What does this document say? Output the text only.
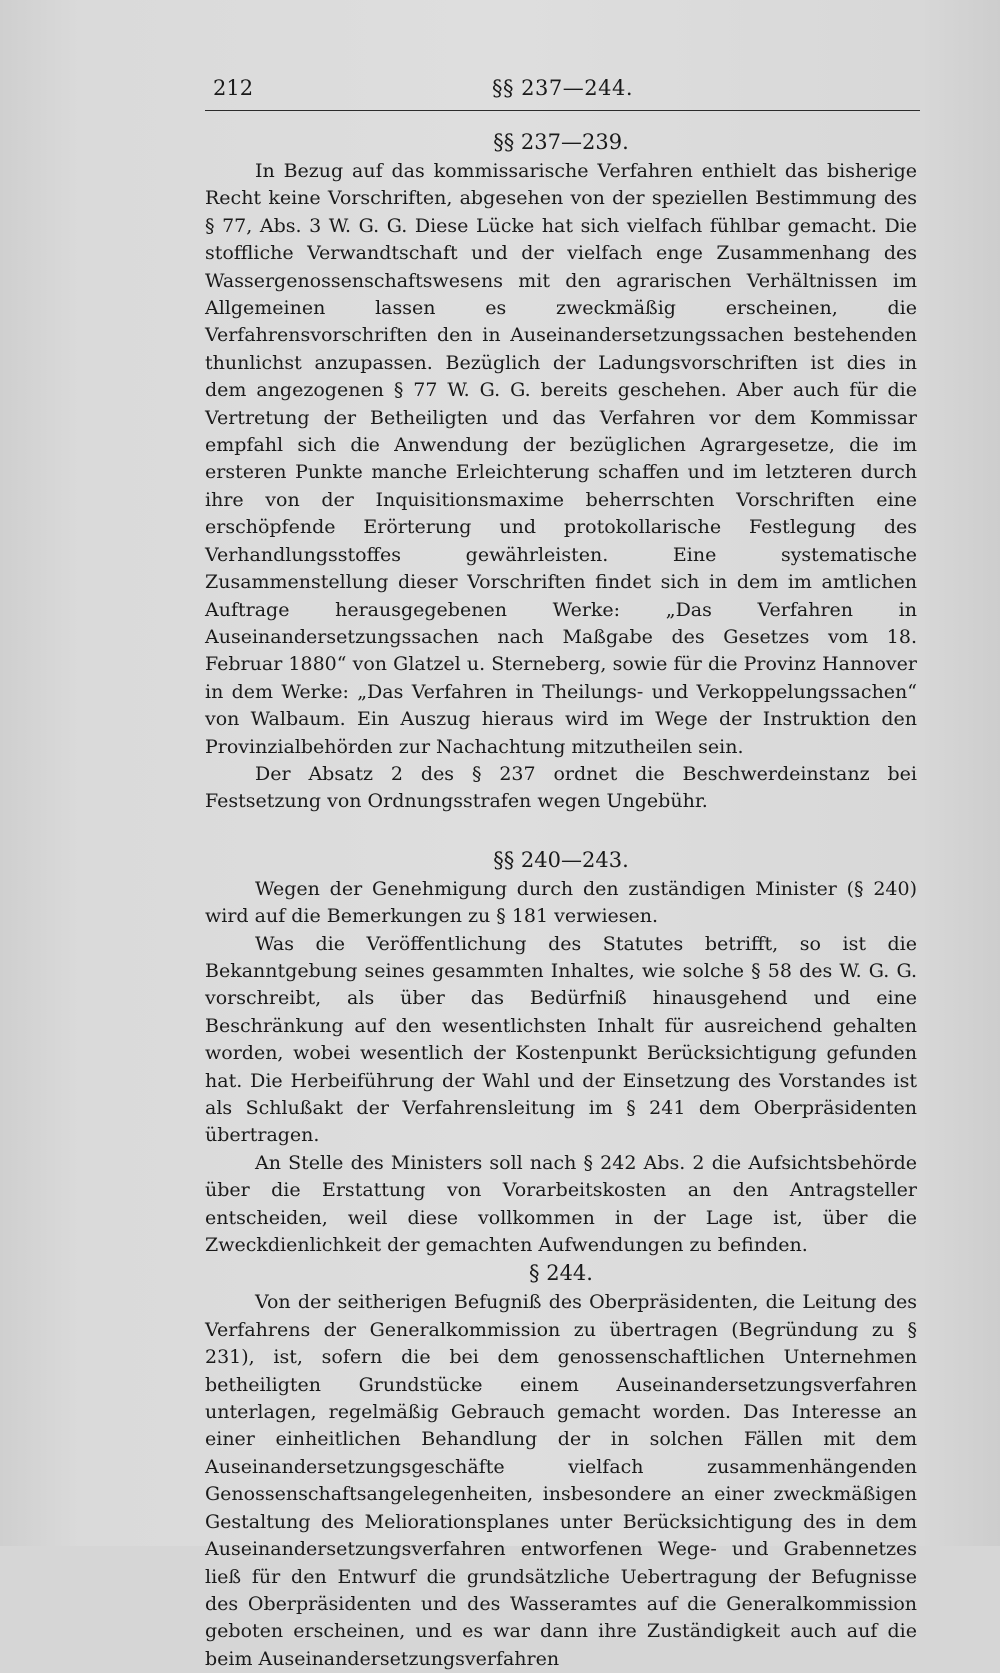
212	§§ 237—244.
§§ 237—239.

In Bezug auf das kommissarische Verfahren enthielt das bisherige Recht keine Vorschriften, abgesehen von der speziellen Bestimmung des § 77, Abs. 3 W. G. G. Diese Lücke hat sich vielfach fühlbar gemacht. Die stoffliche Verwandtschaft und der vielfach enge Zusammenhang des Wassergenossenschaftswesens mit den agrarischen Verhältnissen im Allgemeinen lassen es zweckmäßig erscheinen, die Verfahrensvorschriften den in Auseinandersetzungssachen bestehenden thunlichst anzupassen. Bezüglich der Ladungsvorschriften ist dies in dem angezogenen § 77 W. G. G. bereits geschehen. Aber auch für die Vertretung der Betheiligten und das Verfahren vor dem Kommissar empfahl sich die Anwendung der bezüglichen Agrargesetze, die im ersteren Punkte manche Erleichterung schaffen und im letzteren durch ihre von der Inquisitionsmaxime beherrschten Vorschriften eine erschöpfende Erörterung und protokollarische Festlegung des Verhandlungsstoffes gewährleisten. Eine systematische Zusammenstellung dieser Vorschriften findet sich in dem im amtlichen Auftrage herausgegebenen Werke: „Das Verfahren in Auseinandersetzungssachen nach Maßgabe des Gesetzes vom 18. Februar 1880“ von Glatzel u. Sterneberg, sowie für die Provinz Hannover in dem Werke: „Das Verfahren in Theilungs- und Verkoppelungssachen“ von Walbaum. Ein Auszug hieraus wird im Wege der Instruktion den Provinzialbehörden zur Nachachtung mitzutheilen sein.

Der Absatz 2 des § 237 ordnet die Beschwerdeinstanz bei Festsetzung von Ordnungsstrafen wegen Ungebühr.

§§ 240—243.

Wegen der Genehmigung durch den zuständigen Minister (§ 240) wird auf die Bemerkungen zu § 181 verwiesen.

Was die Veröffentlichung des Statutes betrifft, so ist die Bekanntgebung seines gesammten Inhaltes, wie solche § 58 des W. G. G. vorschreibt, als über das Bedürfniß hinausgehend und eine Beschränkung auf den wesentlichsten Inhalt für ausreichend gehalten worden, wobei wesentlich der Kostenpunkt Berücksichtigung gefunden hat. Die Herbeiführung der Wahl und der Einsetzung des Vorstandes ist als Schlußakt der Verfahrensleitung im § 241 dem Oberpräsidenten übertragen.

An Stelle des Ministers soll nach § 242 Abs. 2 die Aufsichtsbehörde über die Erstattung von Vorarbeitskosten an den Antragsteller entscheiden, weil diese vollkommen in der Lage ist, über die Zweckdienlichkeit der gemachten Aufwendungen zu befinden.

§ 244.

Von der seitherigen Befugniß des Oberpräsidenten, die Leitung des Verfahrens der Generalkommission zu übertragen (Begründung zu § 231), ist, sofern die bei dem genossenschaftlichen Unternehmen betheiligten Grundstücke einem Auseinandersetzungsverfahren unterlagen, regelmäßig Gebrauch gemacht worden. Das Interesse an einer einheitlichen Behandlung der in solchen Fällen mit dem Auseinandersetzungsgeschäfte vielfach zusammenhängenden Genossenschaftsangelegenheiten, insbesondere an einer zweckmäßigen Gestaltung des Meliorationsplanes unter Berücksichtigung des in dem Auseinandersetzungsverfahren entworfenen Wege- und Grabennetzes ließ für den Entwurf die grundsätzliche Uebertragung der Befugnisse des Oberpräsidenten und des Wasseramtes auf die Generalkommission geboten erscheinen, und es war dann ihre Zuständigkeit auch auf die beim Auseinandersetzungsverfahren
